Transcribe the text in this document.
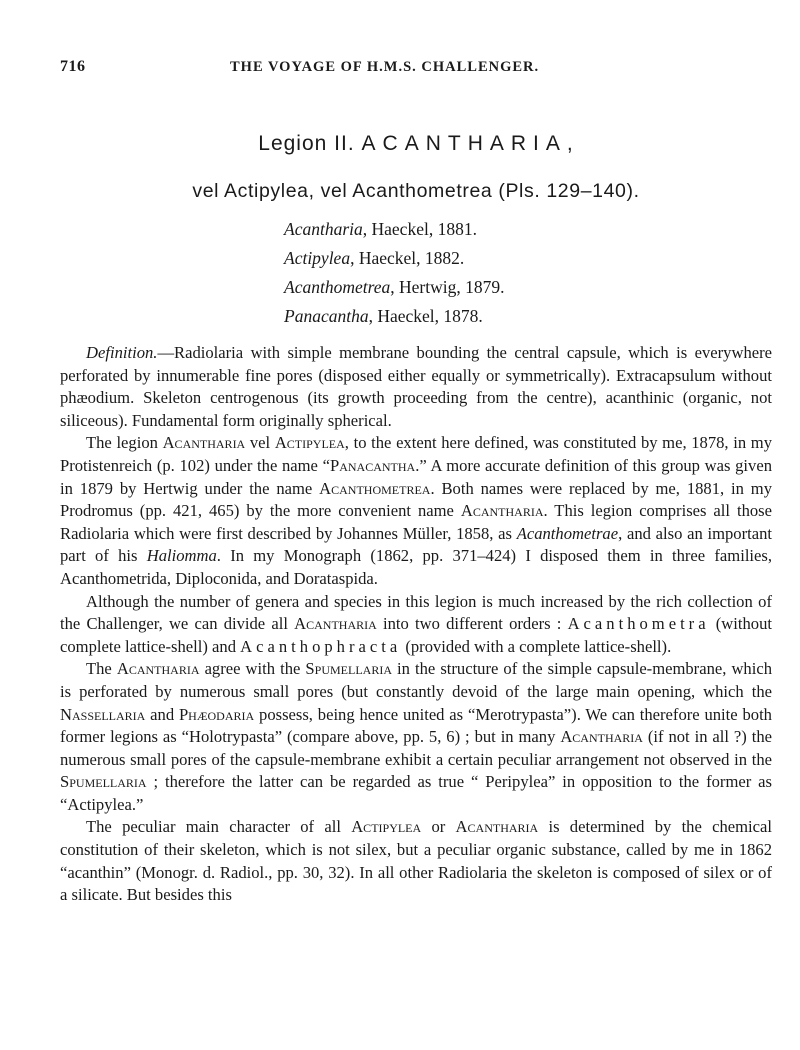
716	THE VOYAGE OF H.M.S. CHALLENGER.
Legion II. ACANTHARIA,
vel Actipylea, vel Acanthometrea (Pls. 129–140).
Acantharia, Haeckel, 1881.
Actipylea, Haeckel, 1882.
Acanthometrea, Hertwig, 1879.
Panacantha, Haeckel, 1878.

Definition.—Radiolaria with simple membrane bounding the central capsule, which is everywhere perforated by innumerable fine pores (disposed either equally or symmetrically). Extracapsulum without phæodium. Skeleton centrogenous (its growth proceeding from the centre), acanthinic (organic, not siliceous). Fundamental form originally spherical.

The legion Acantharia vel Actipylea, to the extent here defined, was constituted by me, 1878, in my Protistenreich (p. 102) under the name “Panacantha.” A more accurate definition of this group was given in 1879 by Hertwig under the name Acanthometrea. Both names were replaced by me, 1881, in my Prodromus (pp. 421, 465) by the more convenient name Acantharia. This legion comprises all those Radiolaria which were first described by Johannes Müller, 1858, as Acanthometrae, and also an important part of his Haliomma. In my Monograph (1862, pp. 371–424) I disposed them in three families, Acanthometrida, Diploconida, and Dorataspida.

Although the number of genera and species in this legion is much increased by the rich collection of the Challenger, we can divide all Acantharia into two different orders : Acanthometra (without complete lattice-shell) and Acanthophracta (provided with a complete lattice-shell).

The Acantharia agree with the Spumellaria in the structure of the simple capsule-membrane, which is perforated by numerous small pores (but constantly devoid of the large main opening, which the Nassellaria and Phæodaria possess, being hence united as “Merotrypasta”). We can therefore unite both former legions as “Holotrypasta” (compare above, pp. 5, 6) ; but in many Acantharia (if not in all ?) the numerous small pores of the capsule-membrane exhibit a certain peculiar arrangement not observed in the Spumellaria ; therefore the latter can be regarded as true “ Peripylea” in opposition to the former as “Actipylea.”

The peculiar main character of all Actipylea or Acantharia is determined by the chemical constitution of their skeleton, which is not silex, but a peculiar organic substance, called by me in 1862 “acanthin” (Monogr. d. Radiol., pp. 30, 32). In all other Radiolaria the skeleton is composed of silex or of a silicate. But besides this
